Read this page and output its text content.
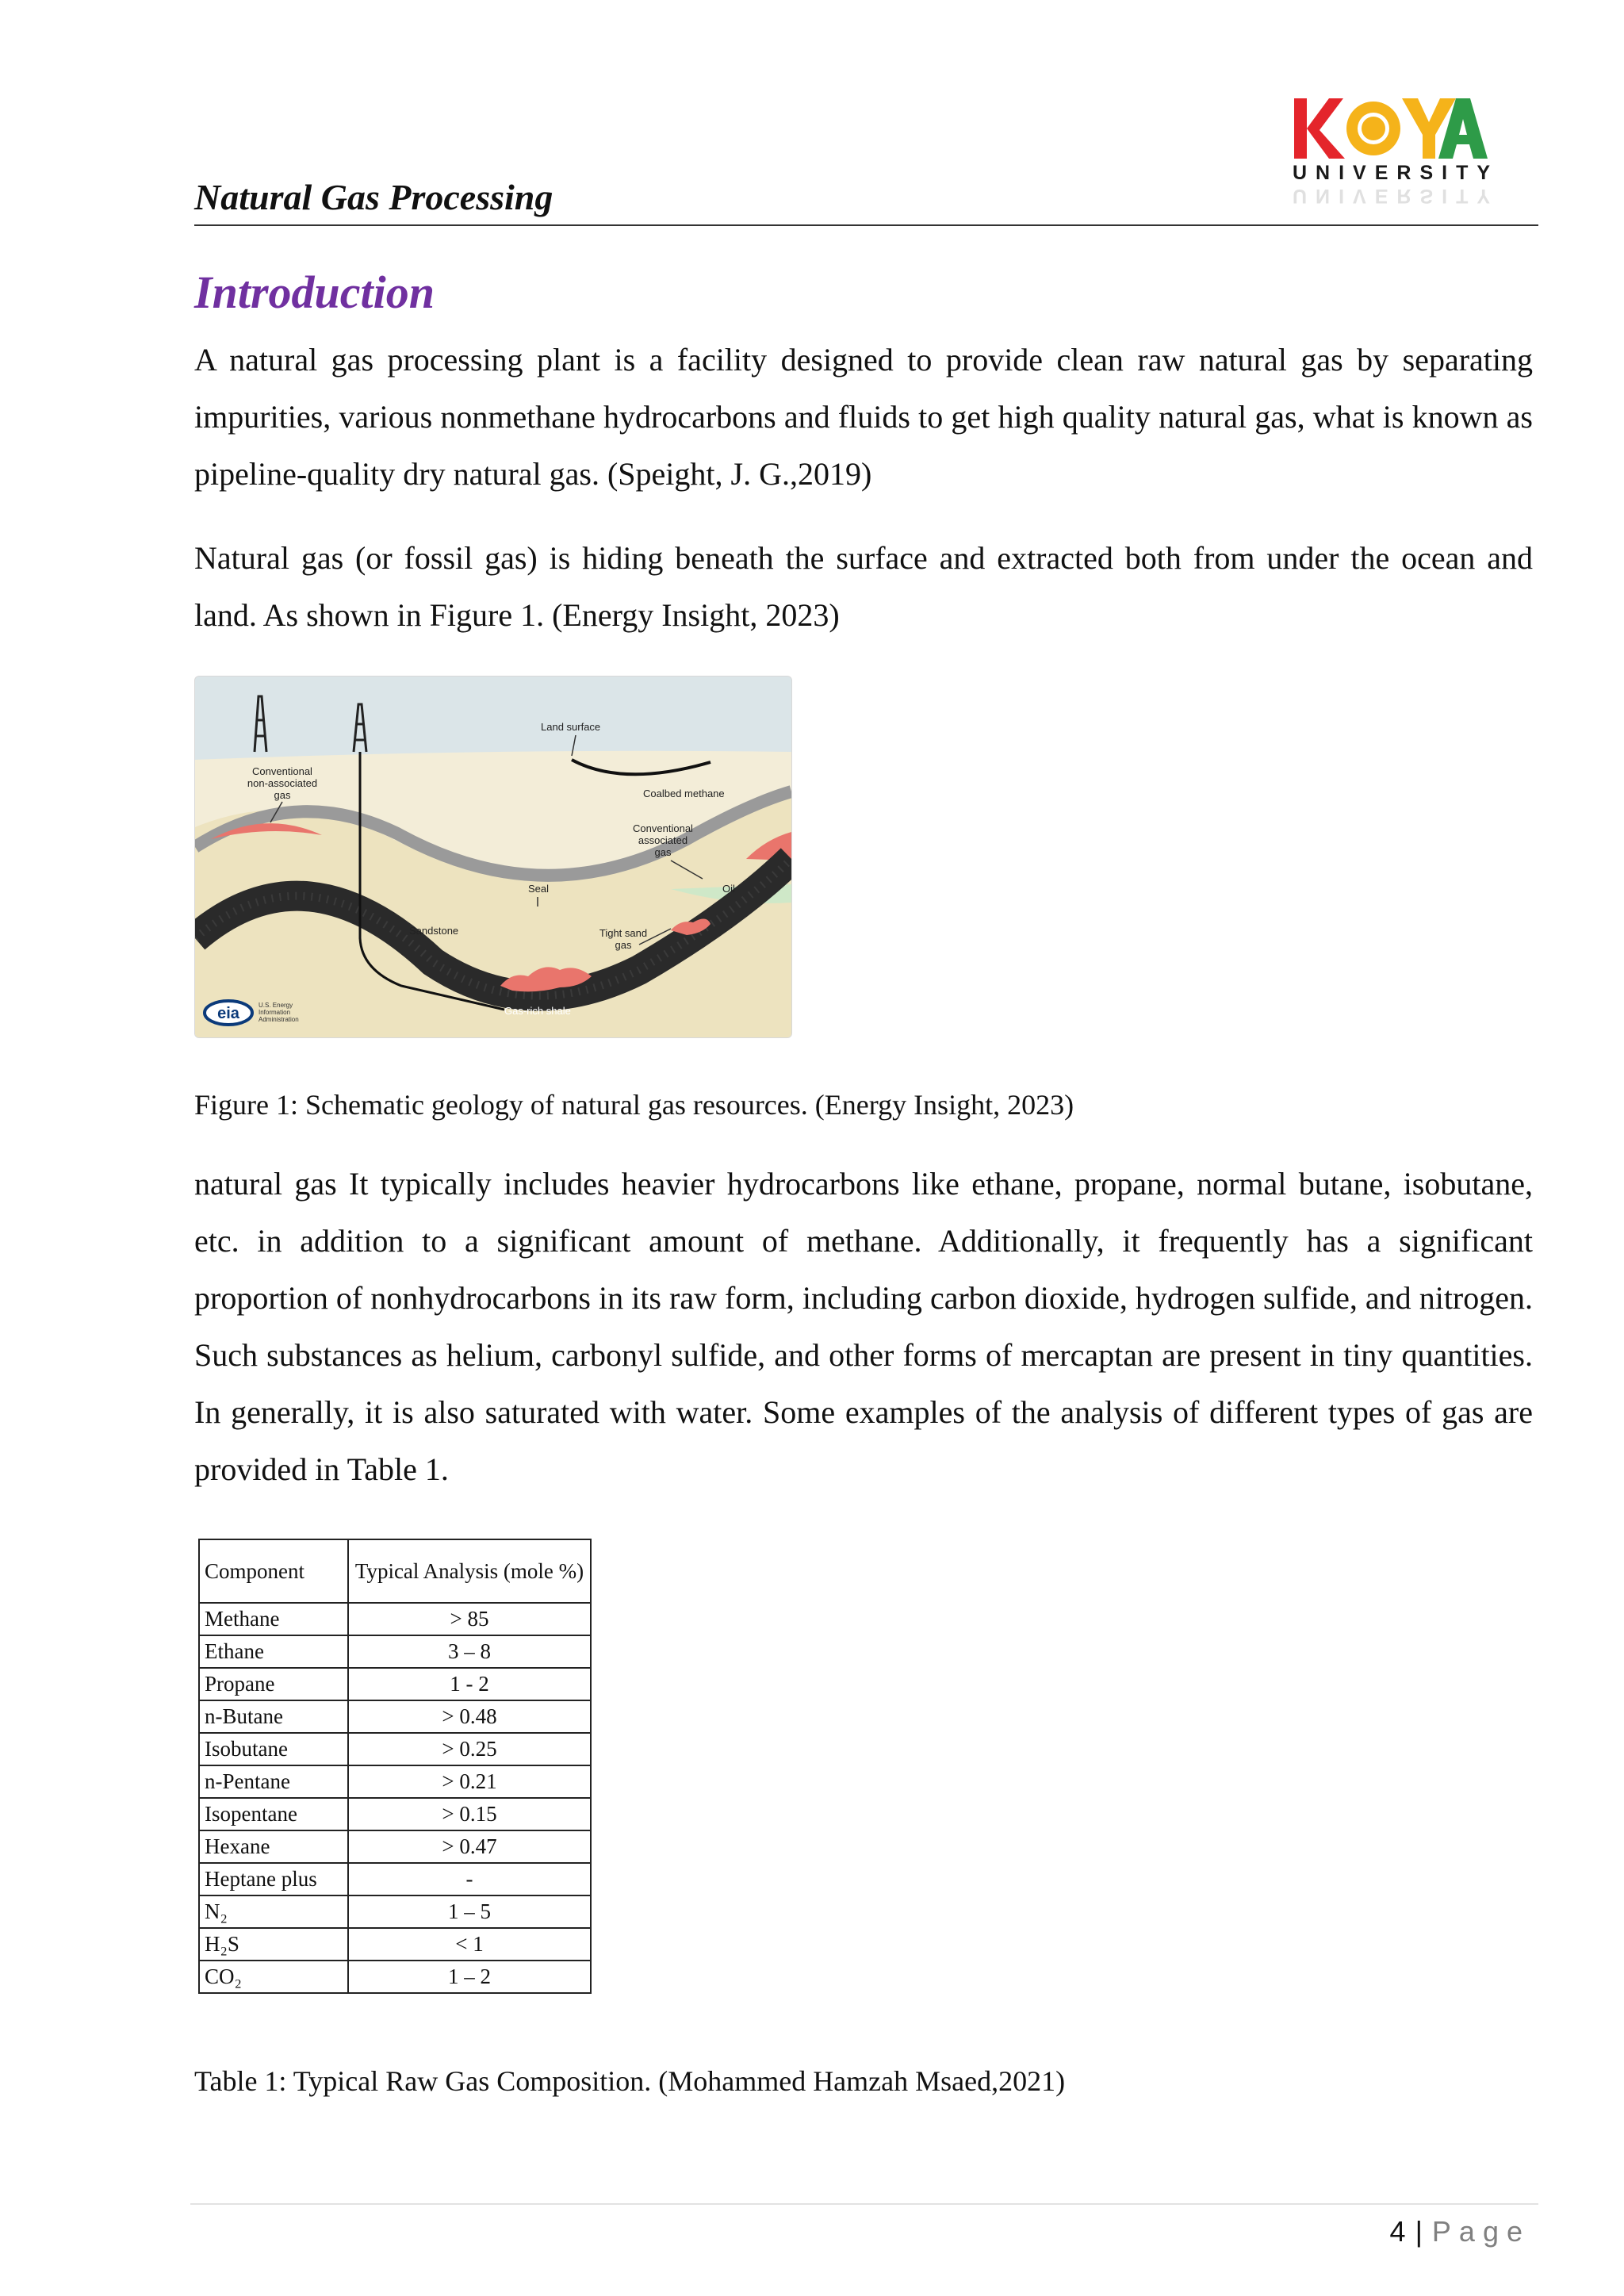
UNIVERSITY
UNIVERSITY
Natural Gas Processing
Introduction
A natural gas processing plant is a facility designed to provide clean raw natural gas by separating impurities, various nonmethane hydrocarbons and fluids to get high quality natural gas, what is known as pipeline-quality dry natural gas. (Speight, J. G.,2019)
Natural gas (or fossil gas) is hiding beneath the surface and extracted both from under the ocean and land. As shown in Figure 1. (Energy Insight, 2023)
Land surface
Conventional
non-associated
gas	Coalbed methane
Conventional
associated
gas
Seal	Oil
Sandstone	Tight sand
gas
Gas-rich shale
eia	U.S. Energy
Information
Administration
Figure 1: Schematic geology of natural gas resources. (Energy Insight, 2023)
natural gas It typically includes heavier hydrocarbons like ethane, propane, normal butane, isobutane, etc. in addition to a significant amount of methane. Additionally, it frequently has a significant proportion of nonhydrocarbons in its raw form, including carbon dioxide, hydrogen sulfide, and nitrogen. Such substances as helium, carbonyl sulfide, and other forms of mercaptan are present in tiny quantities. In generally, it is also saturated with water. Some examples of the analysis of different types of gas are provided in Table 1.
Component	Typical Analysis (mole %)
Methane	> 85
Ethane	3 – 8
Propane	1 - 2
n-Butane	> 0.48
Isobutane	> 0.25
n-Pentane	> 0.21
Isopentane	> 0.15
Hexane	> 0.47
Heptane plus	-
N₂	1 – 5
H₂S	< 1
CO₂	1 – 2
Table 1: Typical Raw Gas Composition. (Mohammed Hamzah Msaed,2021)
4 | Page
